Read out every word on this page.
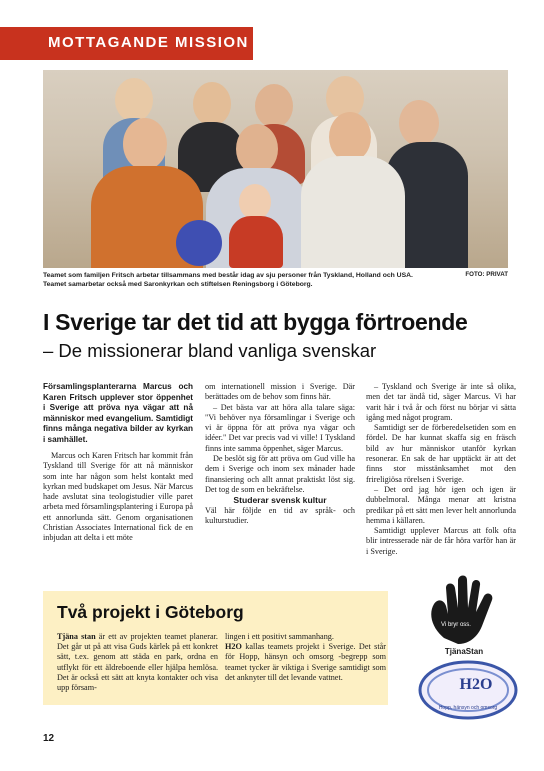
MOTTAGANDE MISSION
Teamet som familjen Fritsch arbetar tillsammans med består idag av sju personer från Tyskland, Holland och USA. Teamet samarbetar också med Saronkyrkan och stiftelsen Reningsborg i Göteborg.
FOTO: PRIVAT
I Sverige tar det tid att bygga förtroende
– De missionerar bland vanliga svenskar

Församlingsplanterarna Marcus och Karen Fritsch upplever stor öppenhet i Sverige att pröva nya vägar att nå människor med evangelium. Samtidigt finns många negativa bilder av kyrkan i samhället.

Marcus och Karen Fritsch har kommit från Tyskland till Sverige för att nå människor som inte har någon som helst kontakt med kyrkan med budskapet om Jesus. När Marcus hade avslutat sina teologistudier ville paret arbeta med församlingsplantering i Europa på ett annorlunda sätt. Genom organisationen Christian Associates International fick de en inbjudan att delta i ett möte

om internationell mission i Sverige. Där berättades om de behov som finns här.

– Det bästa var att höra alla talare säga: "Vi behöver nya församlingar i Sverige och vi är öppna för att pröva nya vägar och idéer." Det var precis vad vi ville! I Tyskland finns inte samma öppenhet, säger Marcus.

De beslöt sig för att pröva om Gud ville ha dem i Sverige och inom sex månader hade finansiering och allt annat praktiskt löst sig. Det tog de som en bekräftelse.

Studerar svensk kultur

Väl här följde en tid av språk- och kulturstudier.

– Tyskland och Sverige är inte så olika, men det tar ändå tid, säger Marcus. Vi har varit här i två år och först nu börjar vi sätta igång med något program.

Samtidigt ser de förberedelsetiden som en fördel. De har kunnat skaffa sig en fräsch bild av hur människor utanför kyrkan resonerar. En sak de har upptäckt är att det finns stor misstänksamhet mot den frireligiösa rörelsen i Sverige.

– Det ord jag hör igen och igen är dubbelmoral. Många menar att kristna predikar på ett sätt men lever helt annorlunda hemma i källaren.

Samtidigt upplever Marcus att folk ofta blir intresserade när de får höra varför han är i Sverige.

Två projekt i Göteborg

Tjäna stan är ett av projekten teamet planerar. Det går ut på att visa Guds kärlek på ett konkret sätt, t.ex. genom att städa en park, ordna en utflykt för ett äldreboende eller hjälpa hemlösa. Det är också ett sätt att knyta kontakter och visa upp försam-

lingen i ett positivt sammanhang.

H2O kallas teamets projekt i Sverige. Det står för Hopp, hänsyn och omsorg -begrepp som teamet tycker är viktiga i Sverige samtidigt som det anknyter till det levande vattnet.

Vi bryr oss.
TjänaStan
H2O
Hopp, hänsyn och omsorg
12
